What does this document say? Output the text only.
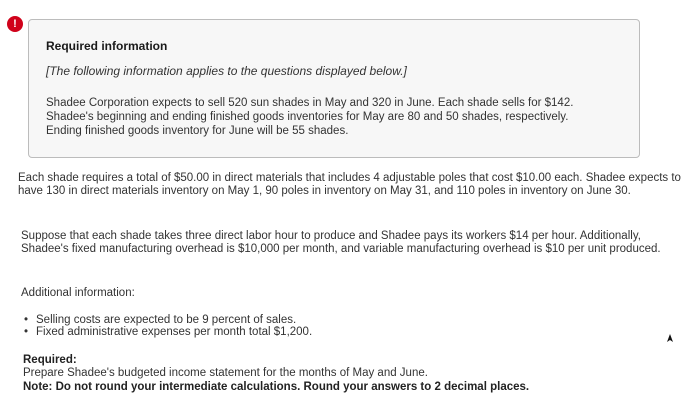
!
Required information
[The following information applies to the questions displayed below.]
Shadee Corporation expects to sell 520 sun shades in May and 320 in June. Each shade sells for $142. Shadee's beginning and ending finished goods inventories for May are 80 and 50 shades, respectively. Ending finished goods inventory for June will be 55 shades.
Each shade requires a total of $50.00 in direct materials that includes 4 adjustable poles that cost $10.00 each. Shadee expects to have 130 in direct materials inventory on May 1, 90 poles in inventory on May 31, and 110 poles in inventory on June 30.
Suppose that each shade takes three direct labor hour to produce and Shadee pays its workers $14 per hour. Additionally, Shadee's fixed manufacturing overhead is $10,000 per month, and variable manufacturing overhead is $10 per unit produced.
Additional information:
• Selling costs are expected to be 9 percent of sales.
• Fixed administrative expenses per month total $1,200.
Required:
Prepare Shadee's budgeted income statement for the months of May and June.
Note: Do not round your intermediate calculations. Round your answers to 2 decimal places.
